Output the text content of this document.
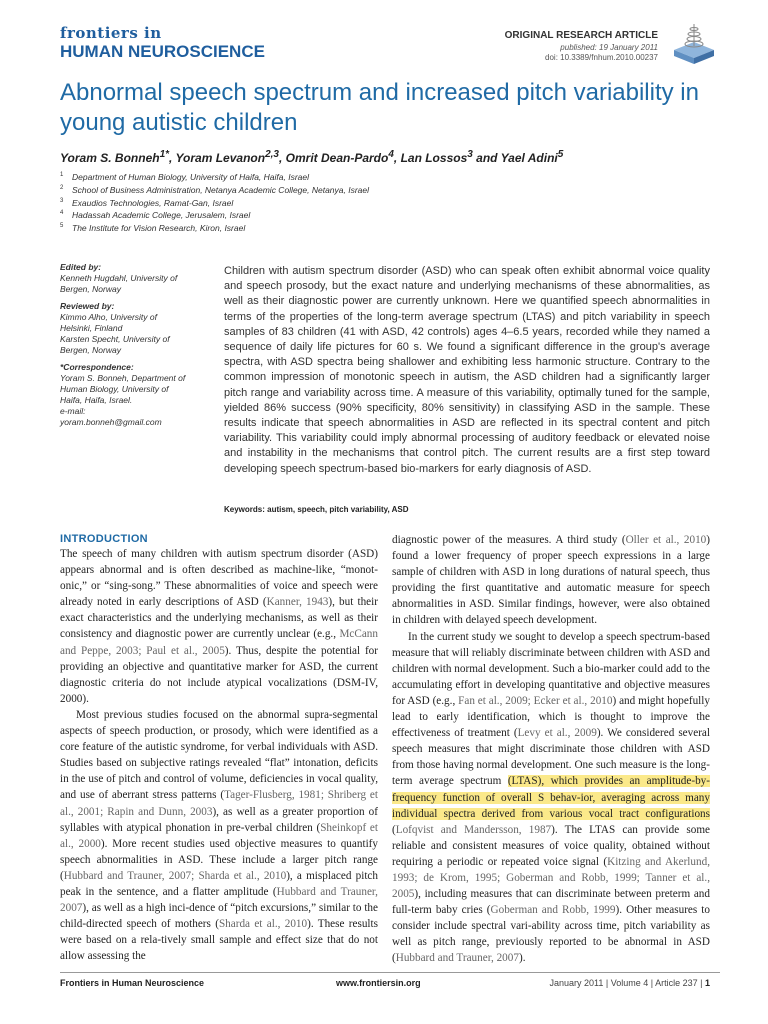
frontiers in
HUMAN NEUROSCIENCE
ORIGINAL RESEARCH ARTICLE
published: 19 January 2011
doi: 10.3389/fnhum.2010.00237
Abnormal speech spectrum and increased pitch variability in young autistic children
Yoram S. Bonneh$^{1*}$, Yoram Levanon$^{2,3}$, Omrit Dean-Pardo$^4$, Lan Lossos$^3$ and Yael Adini$^5$
$^1$ Department of Human Biology, University of Haifa, Haifa, Israel
$^2$ School of Business Administration, Netanya Academic College, Netanya, Israel
$^3$ Exaudios Technologies, Ramat-Gan, Israel
$^4$ Hadassah Academic College, Jerusalem, Israel
$^5$ The Institute for Vision Research, Kiron, Israel
Edited by:
Kenneth Hugdahl, University of Bergen, Norway
Reviewed by:
Kimmo Alho, University of Helsinki, Finland
Karsten Specht, University of Bergen, Norway
*Correspondence:
Yoram S. Bonneh, Department of Human Biology, University of Haifa, Haifa, Israel.
e-mail: yoram.bonneh@gmail.com
Children with autism spectrum disorder (ASD) who can speak often exhibit abnormal voice quality and speech prosody, but the exact nature and underlying mechanisms of these abnormalities, as well as their diagnostic power are currently unknown. Here we quantified speech abnormalities in terms of the properties of the long-term average spectrum (LTAS) and pitch variability in speech samples of 83 children (41 with ASD, 42 controls) ages 4–6.5 years, recorded while they named a sequence of daily life pictures for 60 s. We found a significant difference in the group's average spectra, with ASD spectra being shallower and exhibiting less harmonic structure. Contrary to the common impression of monotonic speech in autism, the ASD children had a significantly larger pitch range and variability across time. A measure of this variability, optimally tuned for the sample, yielded 86% success (90% specificity, 80% sensitivity) in classifying ASD in the sample. These results indicate that speech abnormalities in ASD are reflected in its spectral content and pitch variability. This variability could imply abnormal processing of auditory feedback or elevated noise and instability in the mechanisms that control pitch. The current results are a first step toward developing speech spectrum-based bio-markers for early diagnosis of ASD.
Keywords: autism, speech, pitch variability, ASD
INTRODUCTION

The speech of many children with autism spectrum disorder (ASD) appears abnormal and is often described as machine-like, “monot-onic,” or “sing-song.” These abnormalities of voice and speech were already noted in early descriptions of ASD (Kanner, 1943), but their exact characteristics and the underlying mechanisms, as well as their consistency and diagnostic power are currently unclear (e.g., McCann and Peppe, 2003; Paul et al., 2005). Thus, despite the potential for providing an objective and quantitative marker for ASD, the current diagnostic criteria do not include atypical vocalizations (DSM-IV, 2000).

Most previous studies focused on the abnormal supra-segmental aspects of speech production, or prosody, which were identified as a core feature of the autistic syndrome, for verbal individuals with ASD. Studies based on subjective ratings revealed “flat” intonation, deficits in the use of pitch and control of volume, deficiencies in vocal quality, and use of aberrant stress patterns (Tager-Flusberg, 1981; Shriberg et al., 2001; Rapin and Dunn, 2003), as well as a greater proportion of syllables with atypical phonation in pre-verbal children (Sheinkopf et al., 2000). More recent studies used objective measures to quantify speech abnormalities in ASD. These include a larger pitch range (Hubbard and Trauner, 2007; Sharda et al., 2010), a misplaced pitch peak in the sentence, and a flatter amplitude (Hubbard and Trauner, 2007), as well as a high inci-dence of “pitch excursions,” similar to the child-directed speech of mothers (Sharda et al., 2010). These results were based on a rela-tively small sample and effect size that do not allow assessing the

diagnostic power of the measures. A third study (Oller et al., 2010) found a lower frequency of proper speech expressions in a large sample of children with ASD in long durations of natural speech, thus providing the first quantitative and automatic measure for speech abnormalities in ASD. Similar findings, however, were also obtained in children with delayed speech development.

In the current study we sought to develop a speech spectrum-based measure that will reliably discriminate between children with ASD and children with normal development. Such a bio-marker could add to the accumulating effort in developing quantitative and objective measures for ASD (e.g., Fan et al., 2009; Ecker et al., 2010) and might hopefully lead to early identification, which is thought to improve the effectiveness of treatment (Levy et al., 2009). We considered several speech measures that might discriminate those children with ASD from those having normal development. One such measure is the long-term average spectrum (LTAS), which provides an amplitude-by-frequency function of overall S behav-ior, averaging across many individual spectra derived from various vocal tract configurations (Lofqvist and Mandersson, 1987). The LTAS can provide some reliable and consistent measures of voice quality, obtained without requiring a periodic or repeated voice signal (Kitzing and Akerlund, 1993; de Krom, 1995; Goberman and Robb, 1999; Tanner et al., 2005), including measures that can discriminate between preterm and full-term baby cries (Goberman and Robb, 1999). Other measures to consider include spectral vari-ability across time, pitch variability as well as pitch range, previously reported to be abnormal in ASD (Hubbard and Trauner, 2007).

Frontiers in Human Neuroscience	www.frontiersin.org	January 2011 | Volume 4 | Article 237 | 1
